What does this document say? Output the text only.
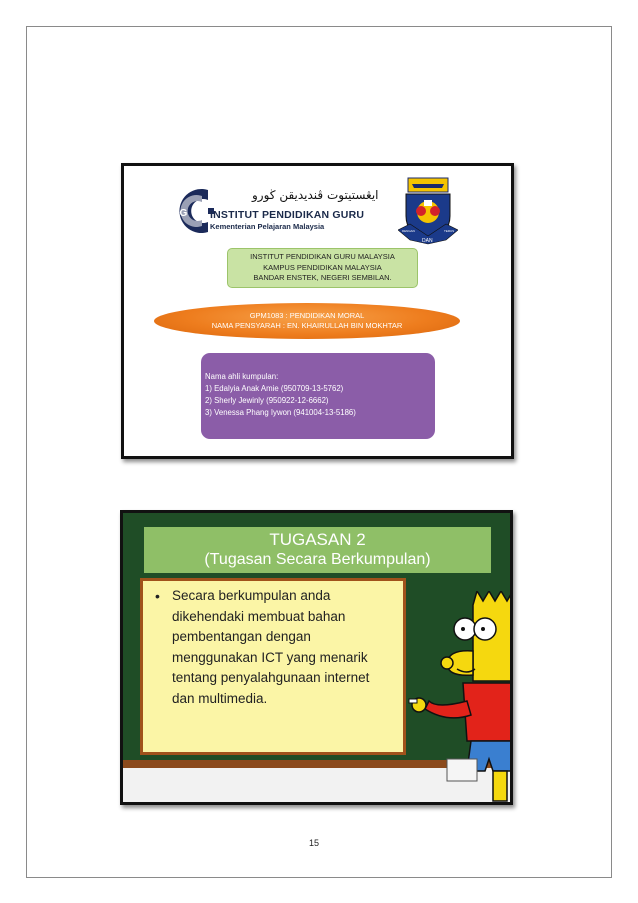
IPG
ايڠستيتوت ڤنديديقن ڬورو
INSTITUT PENDIDIKAN GURU
Kementerian Pelajaran Malaysia	DENGAN	TERUS
DAN
INSTITUT PENDIDIKAN GURU MALAYSIA
KAMPUS PENDIDIKAN MALAYSIA
BANDAR ENSTEK, NEGERI SEMBILAN.
GPM1083 : PENDIDIKAN MORAL
NAMA PENSYARAH : EN. KHAIRULLAH BIN MOKHTAR
Nama ahli kumpulan:
1) Edalyia Anak Amie (950709-13-5762)
2) Sherly Jewinly (950922-12-6662)
3) Venessa Phang Iywon (941004-13-5186)
TUGASAN 2
(Tugasan Secara Berkumpulan)
• Secara berkumpulan anda
dikehendaki membuat bahan
pembentangan dengan
menggunakan ICT yang menarik
tentang penyalahgunaan internet
dan multimedia.
15
